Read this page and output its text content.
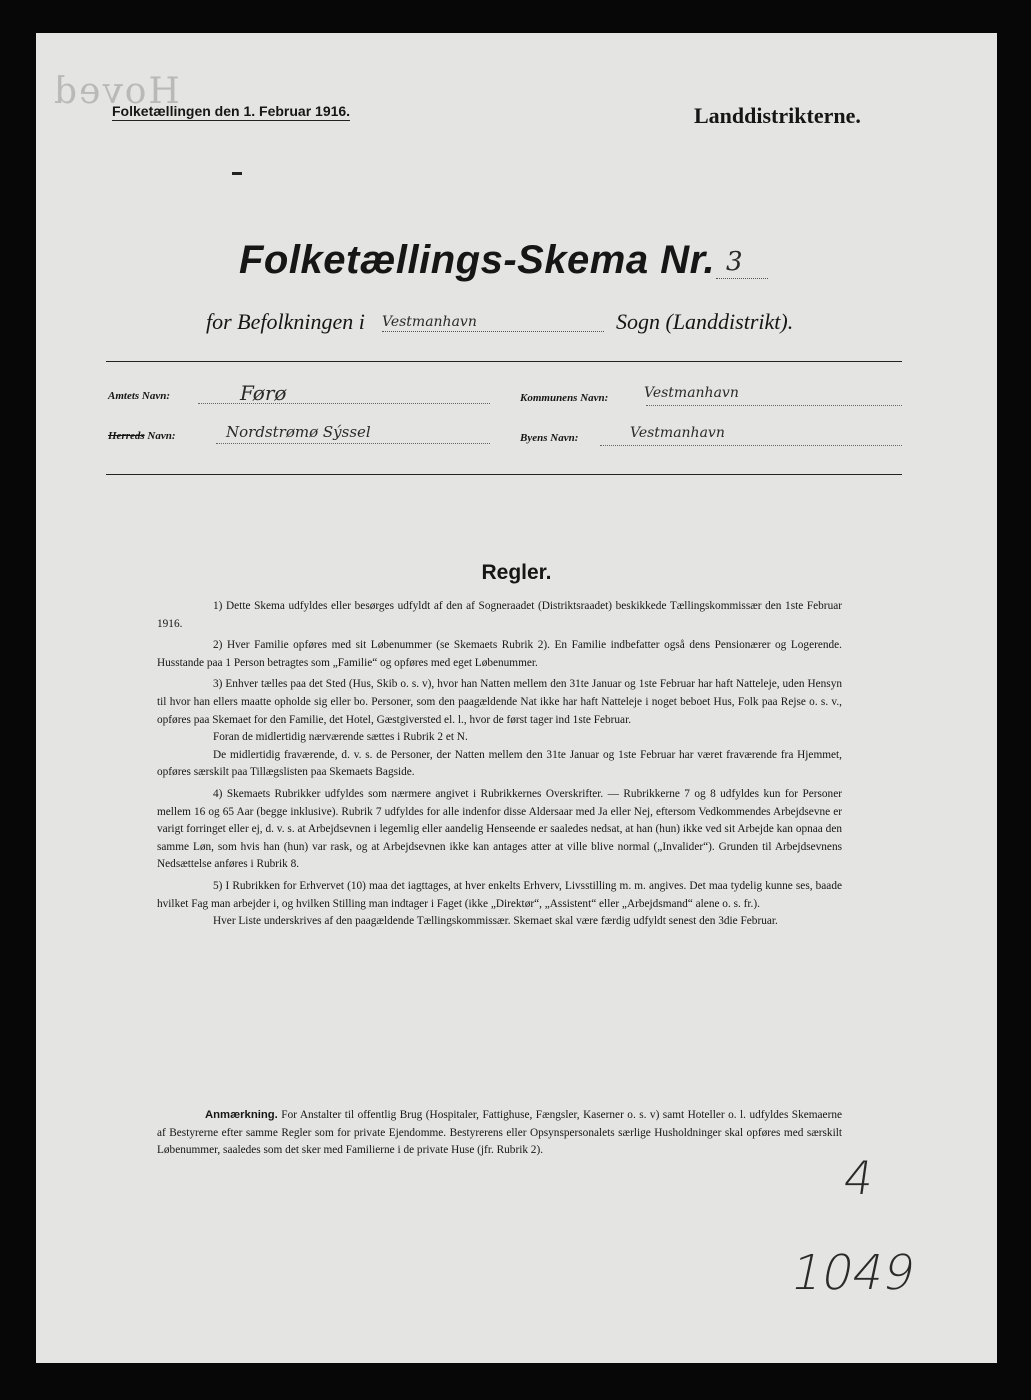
Hoved
Folketællingen den 1. Februar 1916.	Landdistrikterne.
Folketællings-Skema Nr. 3
for Befolkningen i Vestmanhavn	Sogn (Landdistrikt).
Amtets Navn:	Førø	Kommunens Navn:	Vestmanhavn
Herreds Navn:	Nordstrømø Sýssel	Byens Navn:	Vestmanhavn
Regler.

1) Dette Skema udfyldes eller besørges udfyldt af den af Sogneraadet (Distriktsraadet) beskikkede Tællingskommissær den 1ste Februar 1916.

2) Hver Familie opføres med sit Løbenummer (se Skemaets Rubrik 2). En Familie indbefatter også dens Pensionærer og Logerende. Husstande paa 1 Person betragtes som „Familie“ og opføres med eget Løbenummer.

3) Enhver tælles paa det Sted (Hus, Skib o. s. v), hvor han Natten mellem den 31te Januar og 1ste Februar har haft Natteleje, uden Hensyn til hvor han ellers maatte opholde sig eller bo. Personer, som den paagældende Nat ikke har haft Natteleje i noget beboet Hus, Folk paa Rejse o. s. v., opføres paa Skemaet for den Familie, det Hotel, Gæstgiversted el. l., hvor de først tager ind 1ste Februar.

Foran de midlertidig nærværende sættes i Rubrik 2 et N.

De midlertidig fraværende, d. v. s. de Personer, der Natten mellem den 31te Januar og 1ste Februar har været fraværende fra Hjemmet, opføres særskilt paa Tillægslisten paa Skemaets Bagside.

4) Skemaets Rubrikker udfyldes som nærmere angivet i Rubrikkernes Overskrifter. — Rubrikkerne 7 og 8 udfyldes kun for Personer mellem 16 og 65 Aar (begge inklusive). Rubrik 7 udfyldes for alle indenfor disse Aldersaar med Ja eller Nej, eftersom Vedkommendes Arbejdsevne er varigt forringet eller ej, d. v. s. at Arbejdsevnen i legemlig eller aandelig Henseende er saaledes nedsat, at han (hun) ikke ved sit Arbejde kan opnaa den samme Løn, som hvis han (hun) var rask, og at Arbejdsevnen ikke kan antages atter at ville blive normal („Invalider“). Grunden til Arbejdsevnens Nedsættelse anføres i Rubrik 8.

5) I Rubrikken for Erhvervet (10) maa det iagttages, at hver enkelts Erhverv, Livsstilling m. m. angives. Det maa tydelig kunne ses, baade hvilket Fag man arbejder i, og hvilken Stilling man indtager i Faget (ikke „Direktør“, „Assistent“ eller „Arbejdsmand“ alene o. s. fr.).

Hver Liste underskrives af den paagældende Tællingskommissær. Skemaet skal være færdig udfyldt senest den 3die Februar.

Anmærkning. For Anstalter til offentlig Brug (Hospitaler, Fattighuse, Fængsler, Kaserner o. s. v) samt Hoteller o. l. udfyldes Skemaerne af Bestyrerne efter samme Regler som for private Ejendomme. Bestyrerens eller Opsynspersonalets særlige Husholdninger skal opføres med særskilt Løbenummer, saaledes som det sker med Familierne i de private Huse (jfr. Rubrik 2).

4
1049
